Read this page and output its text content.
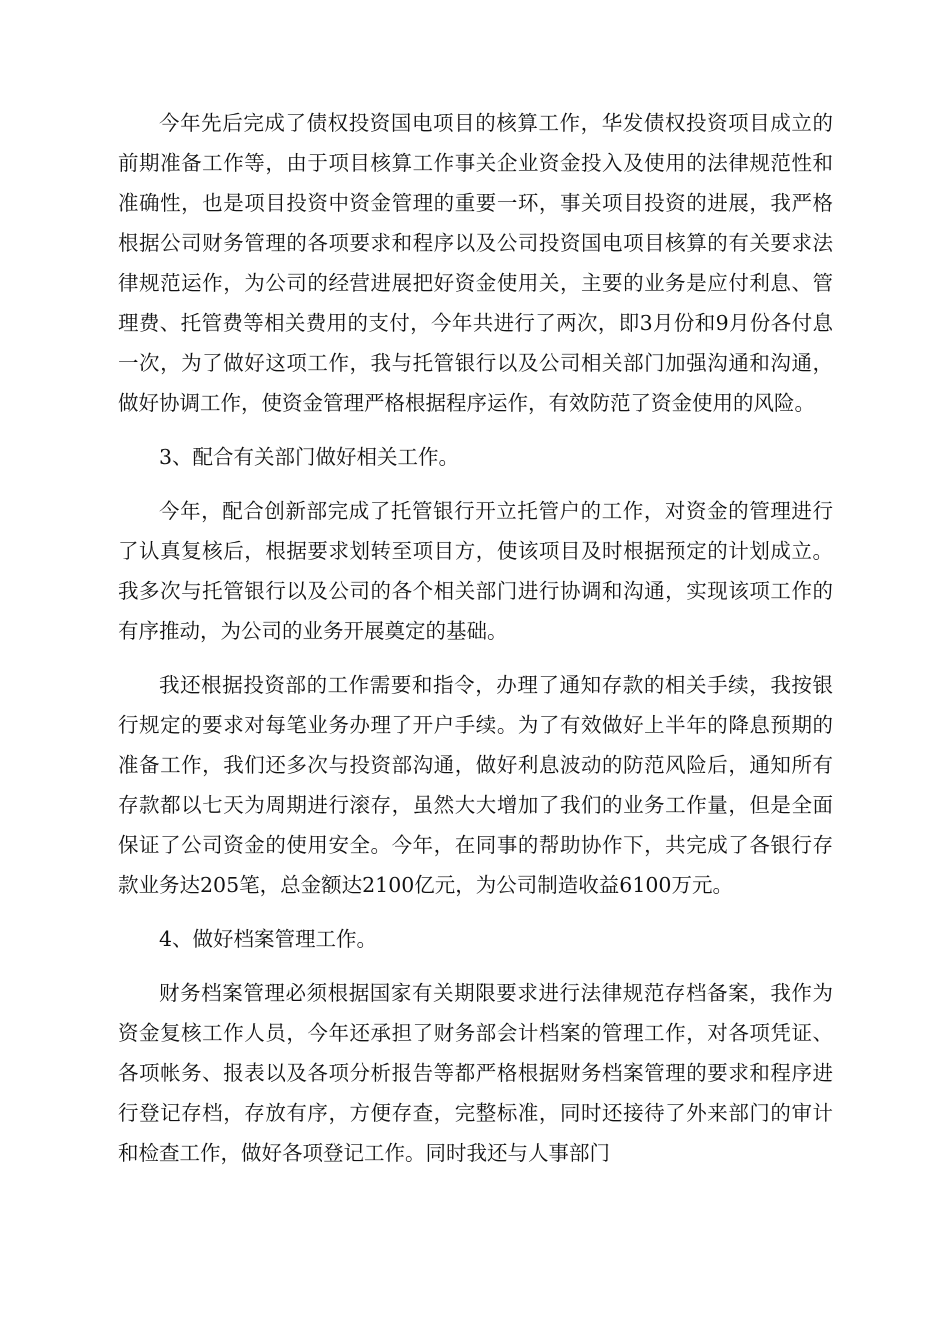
今年先后完成了债权投资国电项目的核算工作，华发债权投资项目成立的前期准备工作等，由于项目核算工作事关企业资金投入及使用的法律规范性和准确性，也是项目投资中资金管理的重要一环，事关项目投资的进展，我严格根据公司财务管理的各项要求和程序以及公司投资国电项目核算的有关要求法律规范运作，为公司的经营进展把好资金使用关，主要的业务是应付利息、管理费、托管费等相关费用的支付，今年共进行了两次，即3月份和9月份各付息一次，为了做好这项工作，我与托管银行以及公司相关部门加强沟通和沟通，做好协调工作，使资金管理严格根据程序运作，有效防范了资金使用的风险。

3、配合有关部门做好相关工作。

今年，配合创新部完成了托管银行开立托管户的工作，对资金的管理进行了认真复核后，根据要求划转至项目方，使该项目及时根据预定的计划成立。我多次与托管银行以及公司的各个相关部门进行协调和沟通，实现该项工作的有序推动，为公司的业务开展奠定的基础。

我还根据投资部的工作需要和指令，办理了通知存款的相关手续，我按银行规定的要求对每笔业务办理了开户手续。为了有效做好上半年的降息预期的准备工作，我们还多次与投资部沟通，做好利息波动的防范风险后，通知所有存款都以七天为周期进行滚存，虽然大大增加了我们的业务工作量，但是全面保证了公司资金的使用安全。今年，在同事的帮助协作下，共完成了各银行存款业务达205笔，总金额达2100亿元，为公司制造收益6100万元。

4、做好档案管理工作。

财务档案管理必须根据国家有关期限要求进行法律规范存档备案，我作为资金复核工作人员，今年还承担了财务部会计档案的管理工作，对各项凭证、各项帐务、报表以及各项分析报告等都严格根据财务档案管理的要求和程序进行登记存档，存放有序，方便存查，完整标准，同时还接待了外来部门的审计和检查工作，做好各项登记工作。同时我还与人事部门
